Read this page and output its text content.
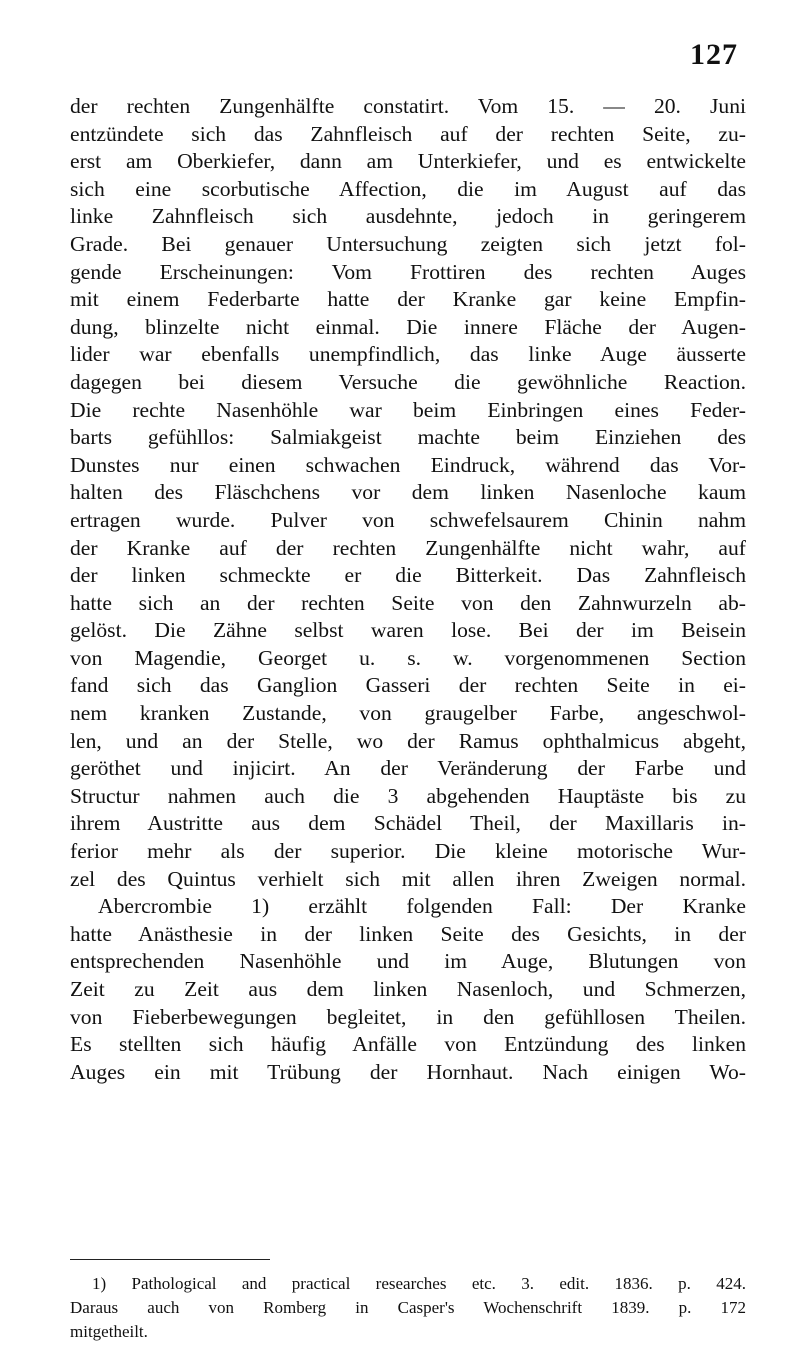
127
der rechten Zungenhälfte constatirt. Vom 15. — 20. Juni
entzündete sich das Zahnfleisch auf der rechten Seite, zu-
erst am Oberkiefer, dann am Unterkiefer, und es entwickelte
sich eine scorbutische Affection, die im August auf das
linke Zahnfleisch sich ausdehnte, jedoch in geringerem
Grade. Bei genauer Untersuchung zeigten sich jetzt fol-
gende Erscheinungen: Vom Frottiren des rechten Auges
mit einem Federbarte hatte der Kranke gar keine Empfin-
dung, blinzelte nicht einmal. Die innere Fläche der Augen-
lider war ebenfalls unempfindlich, das linke Auge äusserte
dagegen bei diesem Versuche die gewöhnliche Reaction.
Die rechte Nasenhöhle war beim Einbringen eines Feder-
barts gefühllos: Salmiakgeist machte beim Einziehen des
Dunstes nur einen schwachen Eindruck, während das Vor-
halten des Fläschchens vor dem linken Nasenloche kaum
ertragen wurde. Pulver von schwefelsaurem Chinin nahm
der Kranke auf der rechten Zungenhälfte nicht wahr, auf
der linken schmeckte er die Bitterkeit. Das Zahnfleisch
hatte sich an der rechten Seite von den Zahnwurzeln ab-
gelöst. Die Zähne selbst waren lose. Bei der im Beisein
von Magendie, Georget u. s. w. vorgenommenen Section
fand sich das Ganglion Gasseri der rechten Seite in ei-
nem kranken Zustande, von graugelber Farbe, angeschwol-
len, und an der Stelle, wo der Ramus ophthalmicus abgeht,
geröthet und injicirt. An der Veränderung der Farbe und
Structur nahmen auch die 3 abgehenden Hauptäste bis zu
ihrem Austritte aus dem Schädel Theil, der Maxillaris in-
ferior mehr als der superior. Die kleine motorische Wur-
zel des Quintus verhielt sich mit allen ihren Zweigen normal.
Abercrombie 1) erzählt folgenden Fall: Der Kranke
hatte Anästhesie in der linken Seite des Gesichts, in der
entsprechenden Nasenhöhle und im Auge, Blutungen von
Zeit zu Zeit aus dem linken Nasenloch, und Schmerzen,
von Fieberbewegungen begleitet, in den gefühllosen Theilen.
Es stellten sich häufig Anfälle von Entzündung des linken
Auges ein mit Trübung der Hornhaut. Nach einigen Wo-
1) Pathological and practical researches etc. 3. edit. 1836. p. 424.
Daraus auch von Romberg in Casper's Wochenschrift 1839. p. 172
mitgetheilt.
